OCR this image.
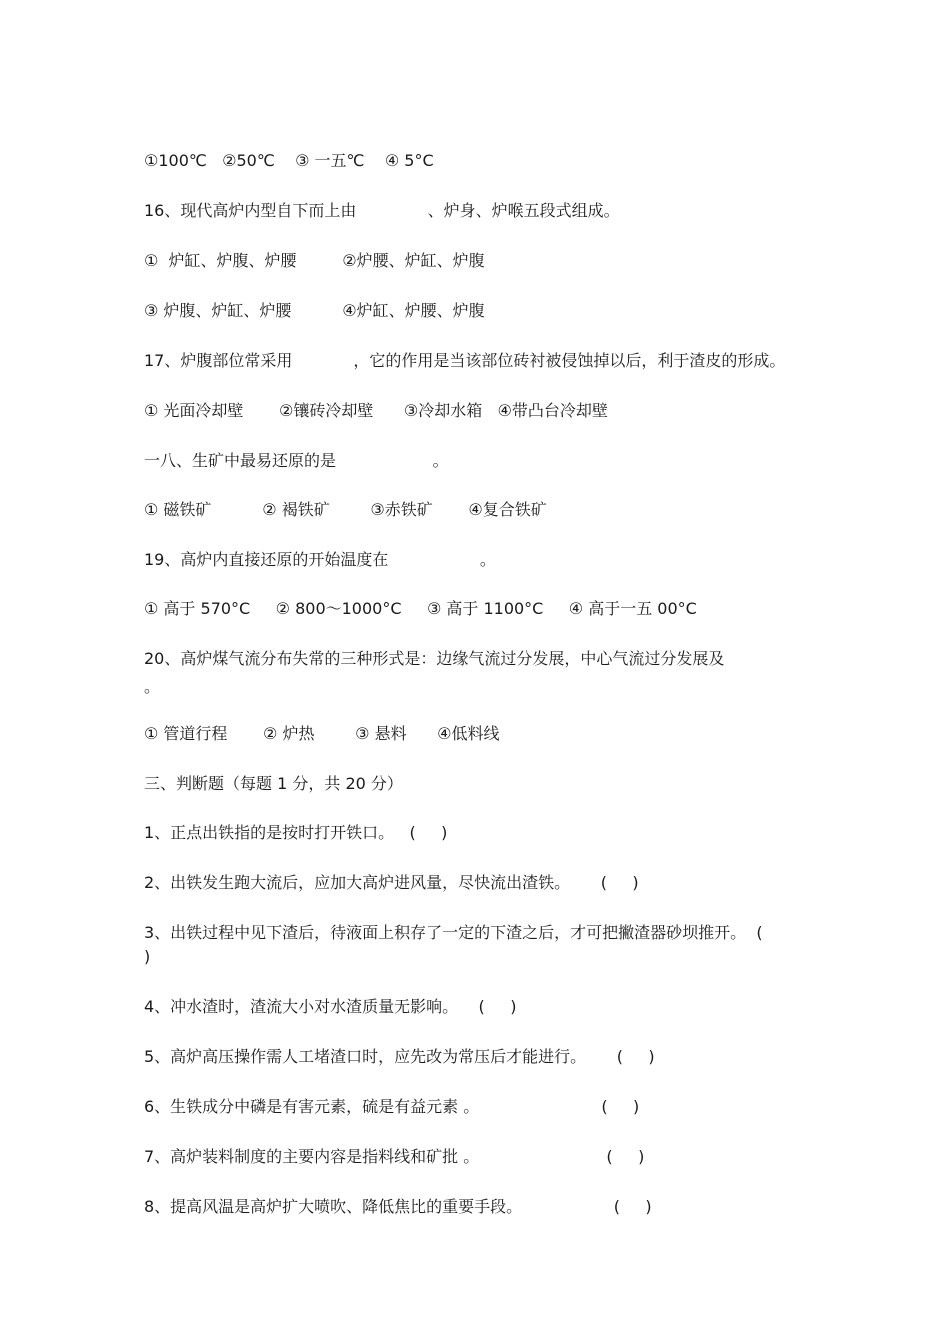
①100℃   ②50℃    ③ 一五℃    ④ 5°C
16、现代高炉内型自下而上由              、炉身、炉喉五段式组成。
①  炉缸、炉腹、炉腰         ②炉腰、炉缸、炉腹
③ 炉腹、炉缸、炉腰          ④炉缸、炉腰、炉腹
17、炉腹部位常采用            ，它的作用是当该部位砖衬被侵蚀掉以后，利于渣皮的形成。
① 光面冷却壁       ②镶砖冷却壁      ③冷却水箱   ④带凸台冷却壁
一八、生矿中最易还原的是                   。
① 磁铁矿          ② 褐铁矿        ③赤铁矿       ④复合铁矿
19、高炉内直接还原的开始温度在                  。
① 高于 570°C     ② 800～1000°C     ③ 高于 1100°C     ④ 高于一五 00°C
20、高炉煤气流分布失常的三种形式是：边缘气流过分发展，中心气流过分发展及
。
① 管道行程       ② 炉热        ③ 悬料      ④低料线
三、判断题（每题 1 分，共 20 分）
1、正点出铁指的是按时打开铁口。   (     )
2、出铁发生跑大流后，应加大高炉进风量，尽快流出渣铁。      (     )
3、出铁过程中见下渣后，待液面上积存了一定的下渣之后，才可把撇渣器砂坝推开。  (
)
4、冲水渣时，渣流大小对水渣质量无影响。    (     )
5、高炉高压操作需人工堵渣口时，应先改为常压后才能进行。      (     )
6、生铁成分中磷是有害元素，硫是有益元素 。                        (     )
7、高炉装料制度的主要内容是指料线和矿批 。                         (     )
8、提高风温是高炉扩大喷吹、降低焦比的重要手段。                  (     )
